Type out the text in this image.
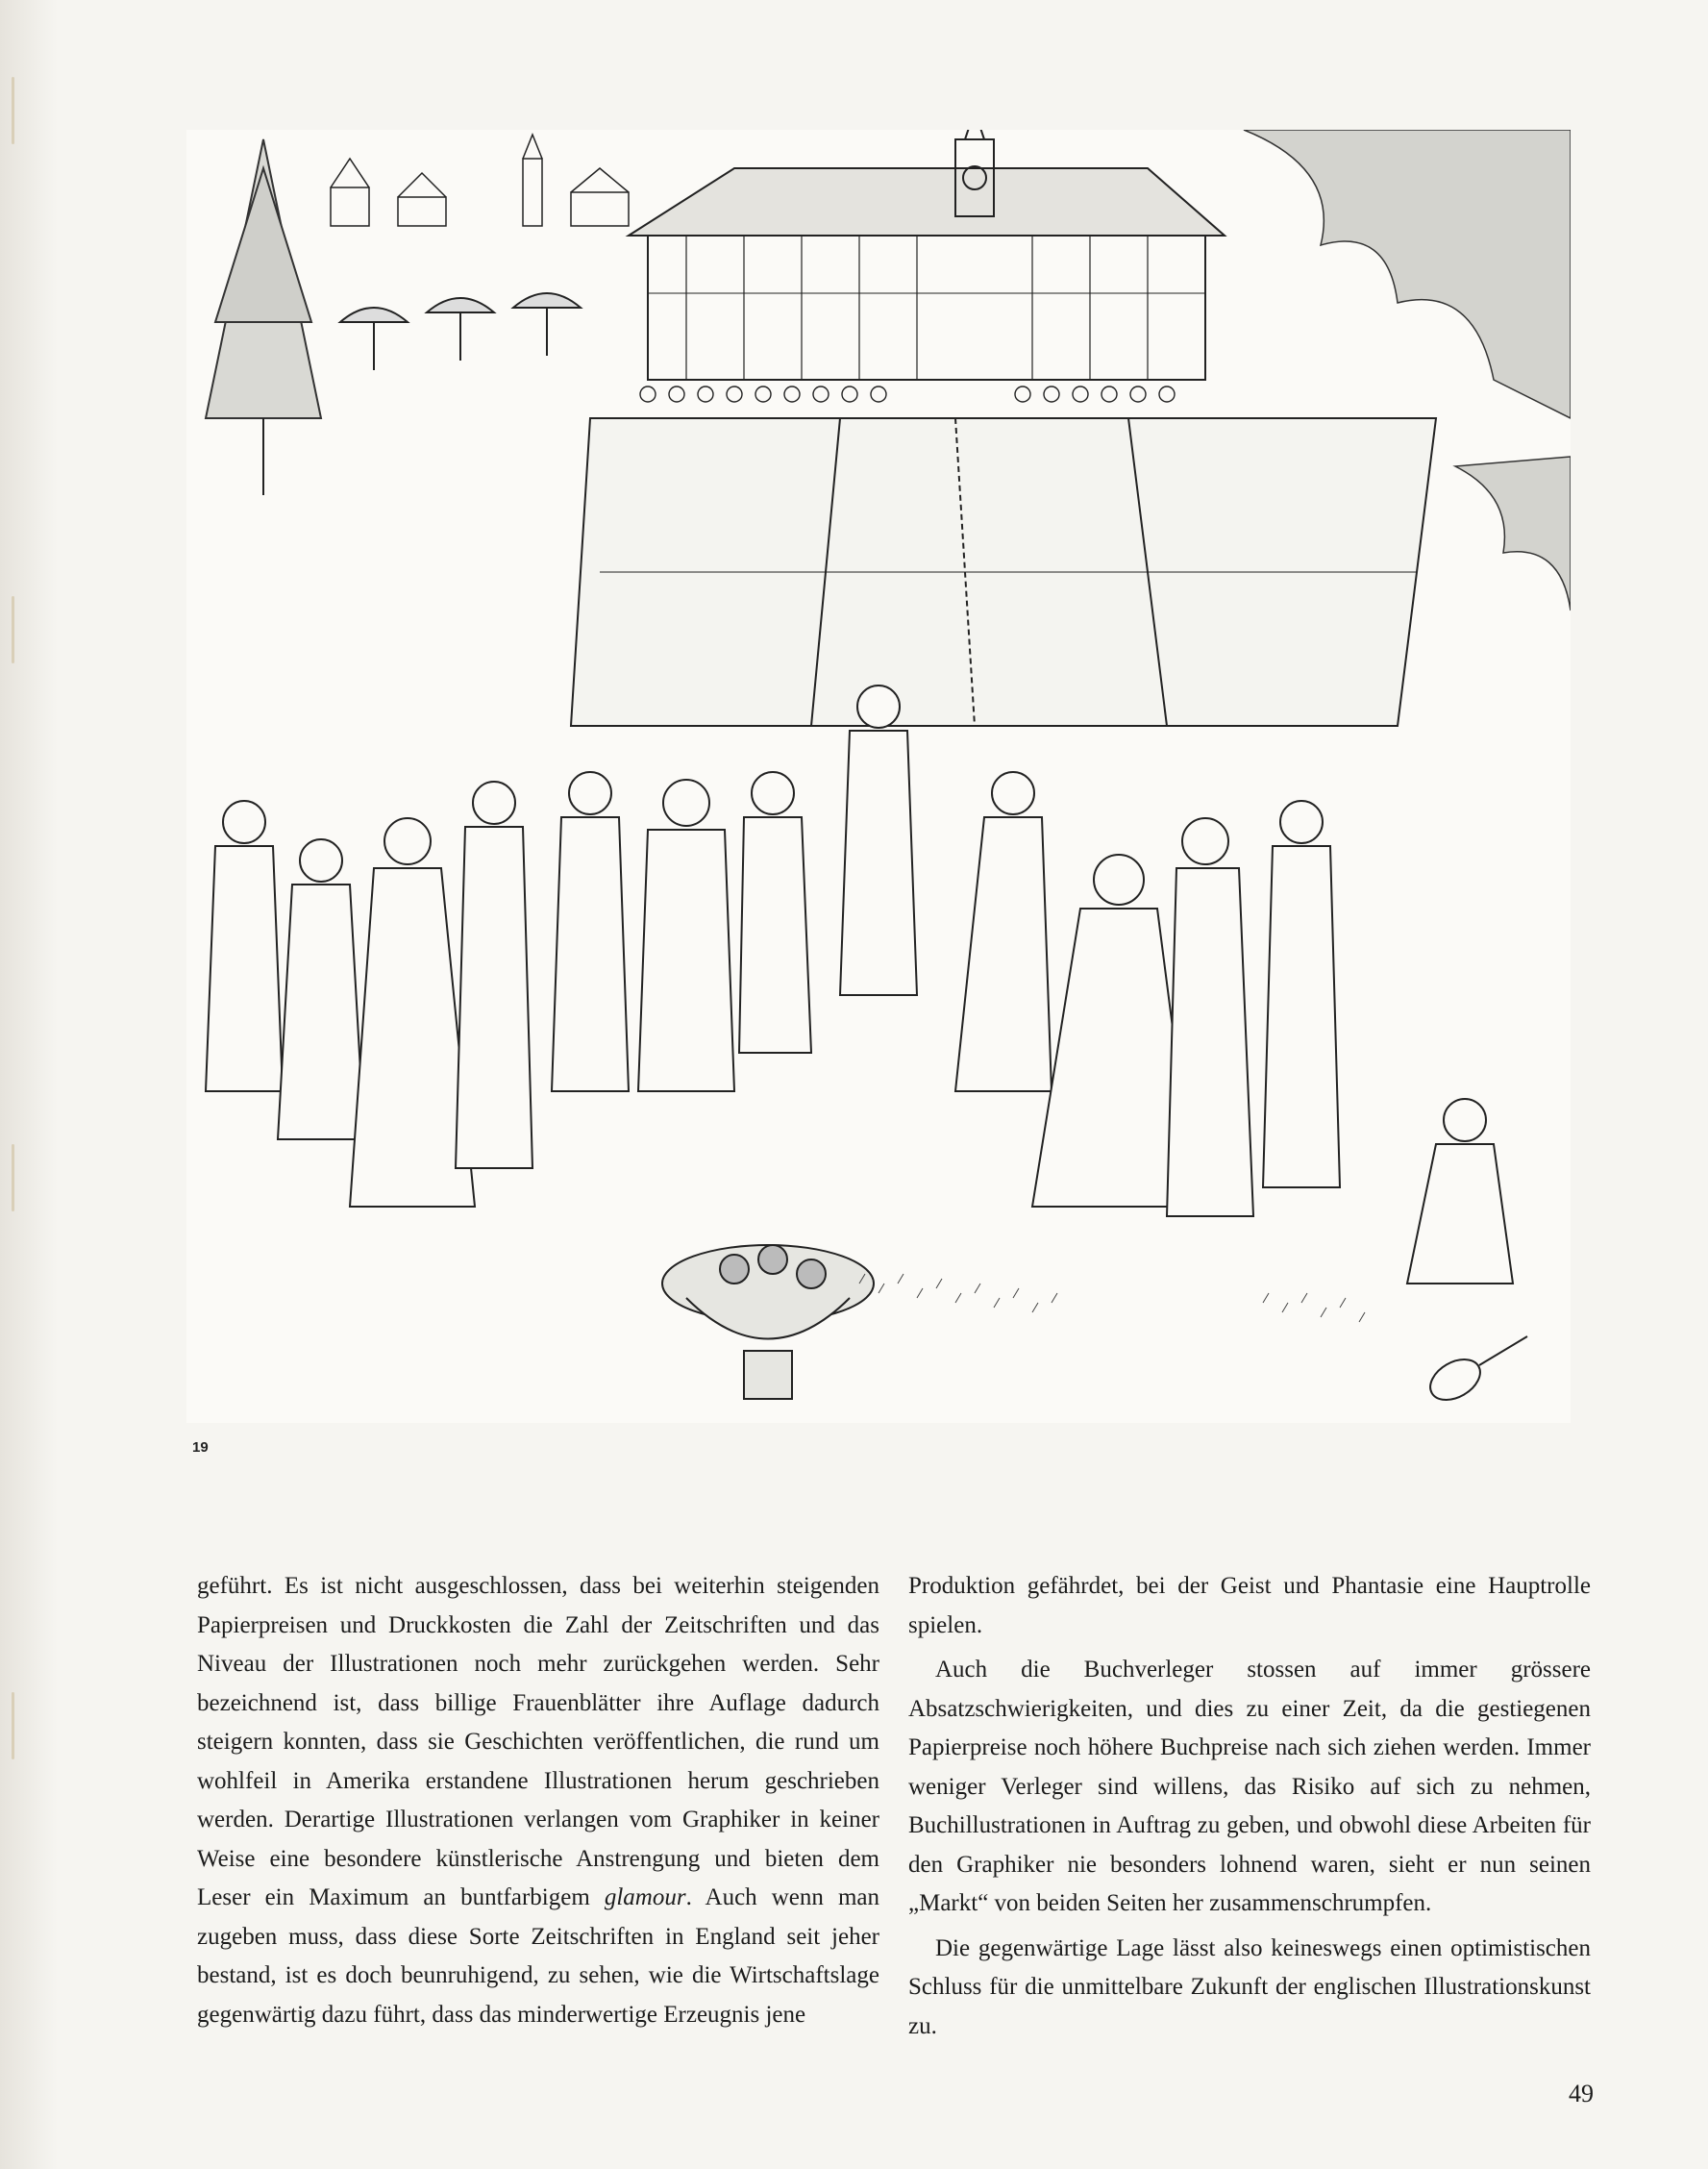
19

geführt. Es ist nicht ausgeschlossen, dass bei weiterhin steigenden Papierpreisen und Druckkosten die Zahl der Zeitschriften und das Niveau der Illustrationen noch mehr zurückgehen werden. Sehr bezeichnend ist, dass billige Frauenblätter ihre Auflage dadurch steigern konnten, dass sie Geschichten veröffentlichen, die rund um wohlfeil in Amerika erstandene Illustrationen herum geschrieben werden. Derartige Illustrationen verlangen vom Graphiker in keiner Weise eine besondere künstlerische Anstrengung und bieten dem Leser ein Maximum an buntfarbigem glamour. Auch wenn man zugeben muss, dass diese Sorte Zeitschriften in England seit jeher bestand, ist es doch beunruhigend, zu sehen, wie die Wirtschaftslage gegenwärtig dazu führt, dass das minderwertige Erzeugnis jene

Produktion gefährdet, bei der Geist und Phantasie eine Hauptrolle spielen.

Auch die Buchverleger stossen auf immer grössere Absatzschwierigkeiten, und dies zu einer Zeit, da die gestiegenen Papierpreise noch höhere Buchpreise nach sich ziehen werden. Immer weniger Verleger sind willens, das Risiko auf sich zu nehmen, Buchillustrationen in Auftrag zu geben, und obwohl diese Arbeiten für den Graphiker nie besonders lohnend waren, sieht er nun seinen „Markt“ von beiden Seiten her zusammenschrumpfen.

Die gegenwärtige Lage lässt also keineswegs einen optimistischen Schluss für die unmittelbare Zukunft der englischen Illustrationskunst zu.

49
